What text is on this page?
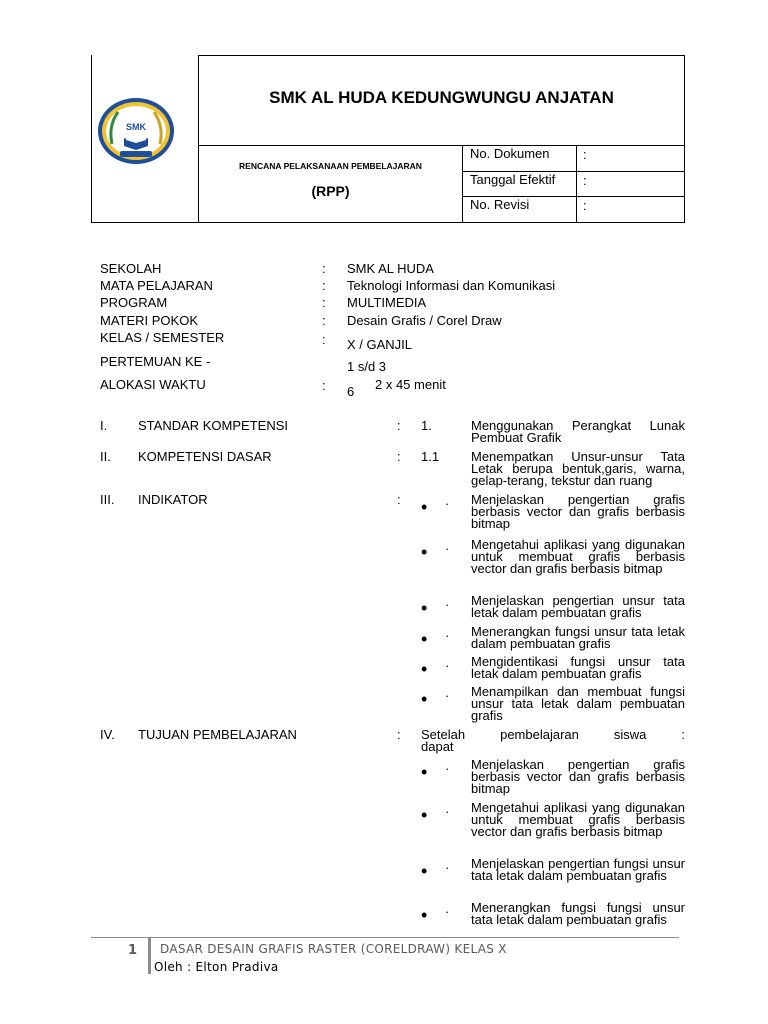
SMK
SMK AL HUDA KEDUNGWUNGU ANJATAN
RENCANA PELAKSANAAN PEMBELAJARAN
(RPP)
No. Dokumen	:
Tanggal Efektif :
No. Revisi	:
SEKOLAH	: SMK AL HUDA
MATA PELAJARAN	: Teknologi Informasi dan Komunikasi
PROGRAM	: MULTIMEDIA
MATERI POKOK	: Desain Grafis / Corel Draw
KELAS / SEMESTER	: X / GANJIL
PERTEMUAN KE -	1 s/d 3
ALOKASI WAKTU	: 6 2 x 45 menit
I. STANDAR KOMPETENSI	: 1.	Menggunakan Perangkat Lunak Pembuat Grafik
II. KOMPETENSI DASAR	: 1.1 Menempatkan Unsur-unsur Tata Letak berupa bentuk,garis, warna, gelap-terang, tekstur dan ruang
III. INDIKATOR	: • · Menjelaskan pengertian grafis berbasis vector dan grafis berbasis bitmap
• · Mengetahui aplikasi yang digunakan untuk membuat grafis berbasis vector dan grafis berbasis bitmap
• · Menjelaskan pengertian unsur tata letak dalam pembuatan grafis
• · Menerangkan fungsi unsur tata letak dalam pembuatan grafis
• · Mengidentikasi fungsi unsur tata letak dalam pembuatan grafis
• · Menampilkan dan membuat fungsi unsur tata letak dalam pembuatan grafis
IV. TUJUAN PEMBELAJARAN	: Setelah pembelajaran siswa : dapat
• · Menjelaskan pengertian grafis berbasis vector dan grafis berbasis bitmap
• · Mengetahui aplikasi yang digunakan untuk membuat grafis berbasis vector dan grafis berbasis bitmap
• · Menjelaskan pengertian fungsi unsur tata letak dalam pembuatan grafis
• · Menerangkan fungsi fungsi unsur tata letak dalam pembuatan grafis
1 DASAR DESAIN GRAFIS RASTER (CORELDRAW) KELAS X
Oleh : Elton Pradiva
